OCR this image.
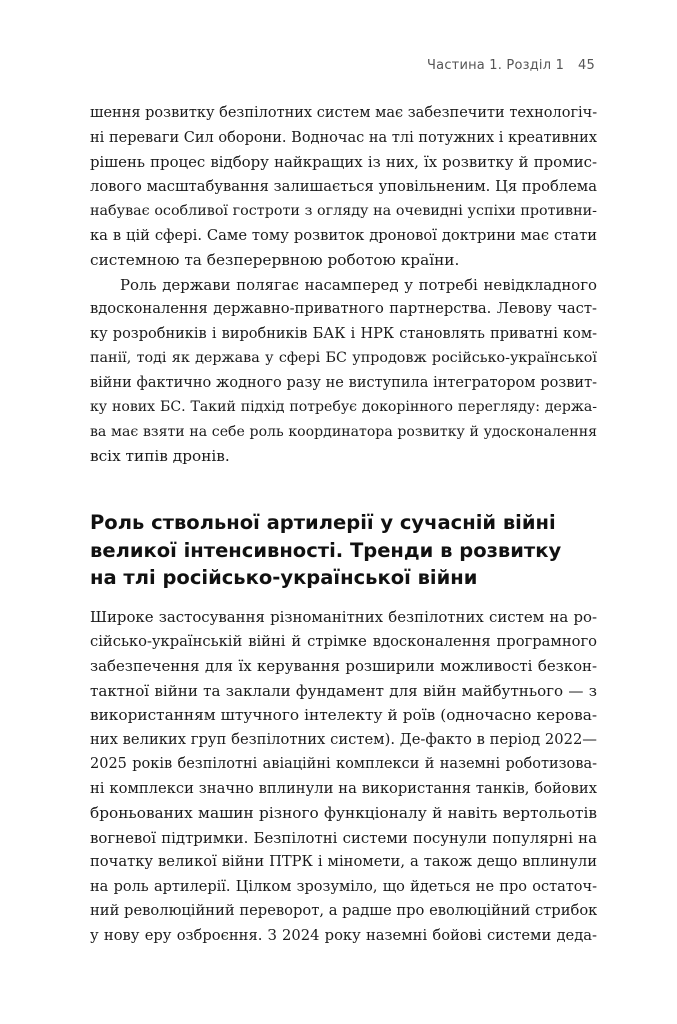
Частина 1. Розділ 1 45
шення розвитку безпілотних систем має забезпечити технологіч-
ні переваги Сил оборони. Водночас на тлі потужних і креативних
рішень процес відбору найкращих із них, їх розвитку й промис-
лового масштабування залишається уповільненим. Ця проблема
набуває особливої гостроти з огляду на очевидні успіхи противни-
ка в цій сфері. Саме тому розвиток дронової доктрини має стати
системною та безперервною роботою країни.
Роль держави полягає насамперед у потребі невідкладного
вдосконалення державно-приватного партнерства. Левову част-
ку розробників і виробників БАК і НРК становлять приватні ком-
панії, тоді як держава у сфері БС упродовж російсько-української
війни фактично жодного разу не виступила інтегратором розвит-
ку нових БС. Такий підхід потребує докорінного перегляду: держа-
ва має взяти на себе роль координатора розвитку й удосконалення
всіх типів дронів.
Роль ствольної артилерії у сучасній війні
великої інтенсивності. Тренди в розвитку
на тлі російсько-української війни
Широке застосування різноманітних безпілотних систем на ро-
сійсько-українській війні й стрімке вдосконалення програмного
забезпечення для їх керування розширили можливості безкон-
тактної війни та заклали фундамент для війн майбутнього — з
використанням штучного інтелекту й роїв (одночасно керова-
них великих груп безпілотних систем). Де-факто в період 2022—
2025 років безпілотні авіаційні комплекси й наземні роботизова-
ні комплекси значно вплинули на використання танків, бойових
броньованих машин різного функціоналу й навіть вертольотів
вогневої підтримки. Безпілотні системи посунули популярні на
початку великої війни ПТРК і міномети, а також дещо вплинули
на роль артилерії. Цілком зрозуміло, що йдеться не про остаточ-
ний революційний переворот, а радше про еволюційний стрибок
у нову еру озброєння. З 2024 року наземні бойові системи деда-
